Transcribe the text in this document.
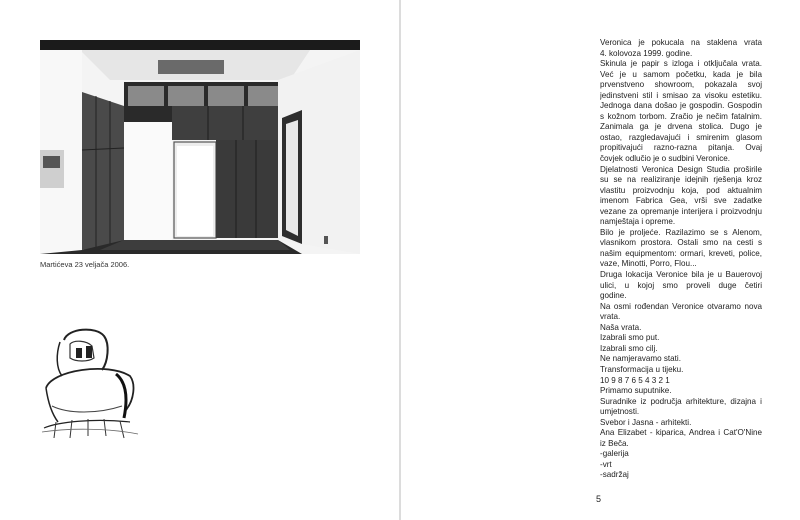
Martićeva 23 veljača 2006.
Veronica je pokucala na staklena vrata
4. kolovoza 1999. godine.
Skinula je papir s izloga i otključala vrata.
Već je u samom početku, kada je bila
prvenstveno showroom, pokazala svoj
jedinstveni stil i smisao za visoku estetiku.
Jednoga dana došao je gospodin. Gospodin
s kožnom torbom. Zračio je nečim fatalnim.
Zanimala ga je drvena stolica. Dugo je
ostao, razgledavajući i smirenim glasom
propitivajući razno-razna pitanja. Ovaj
čovjek odlučio je o sudbini Veronice.
Djelatnosti Veronica Design Studia proširile
su se na realiziranje idejnih rješenja kroz
vlastitu proizvodnju koja, pod aktualnim
imenom Fabrica Gea, vrši sve zadatke
vezane za opremanje interijera i proizvodnju
namještaja i opreme.
Bilo je proljeće. Razilazimo se s Alenom,
vlasnikom prostora. Ostali smo na cesti s
našim equipmentom: ormari, kreveti, police,
vaze, Minotti, Porro, Flou...
Druga lokacija Veronice bila je u Bauerovoj
ulici, u kojoj smo proveli duge četiri
godine.
Na osmi rođendan Veronice otvaramo nova
vrata.
Naša vrata.
Izabrali smo put.
Izabrali smo cilj.
Ne namjeravamo stati.
Transformacija u tijeku.
10 9 8 7 6 5 4 3 2 1
Primamo suputnike.
Suradnike iz područja arhitekture, dizajna i
umjetnosti.
Svebor i Jasna - arhitekti.
Ana Elizabet - kiparica, Andrea i Cat'O'Nine
iz Beča.
-galerija
-vrt
-sadržaj
5
